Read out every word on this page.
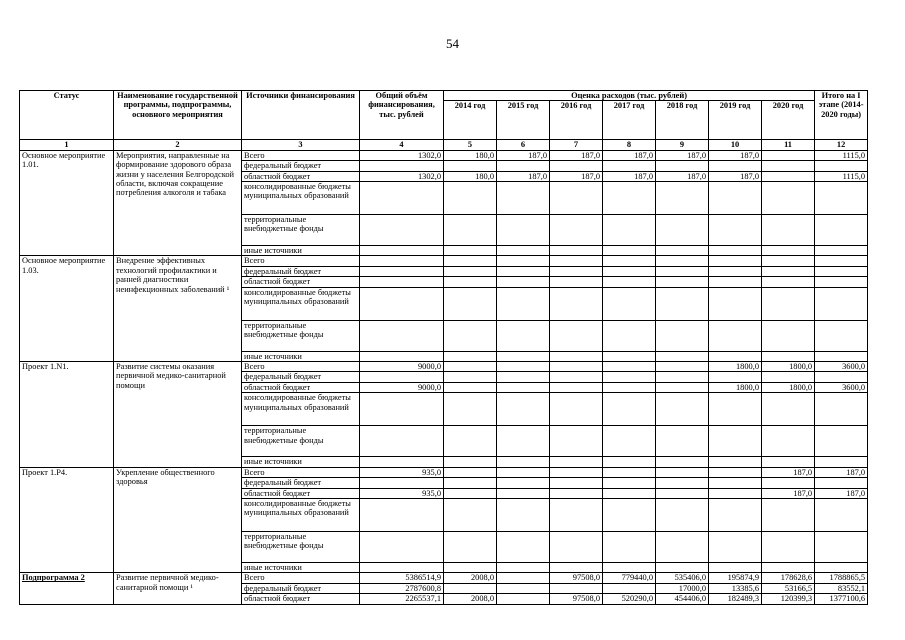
54
Статус	Наименование государственной программы, подпрограммы, основного мероприятия	Источники финансирования	Общий объём финансирования, тыс. рублей	Оценка расходов (тыс. рублей)							Итого на I этапе (2014-2020 годы)
				2014 год	2015 год	2016 год	2017 год	2018 год	2019 год	2020 год	
1	2	3	4	5	6	7	8	9	10	11	12
Основное мероприятие 1.01.	Мероприятия, направленные на формирование здорового образа жизни у населения Белгородской области, включая сокращение потребления алкоголя и табака	Всего	1302,0	180,0	187,0	187,0	187,0	187,0	187,0		1115,0
		федеральный бюджет									
		областной бюджет	1302,0	180,0	187,0	187,0	187,0	187,0	187,0		1115,0
		консолидированные бюджеты муниципальных образований									
		территориальные внебюджетные фонды									
		иные источники									
Основное мероприятие 1.03.	Внедрение эффективных технологий профилактики и ранней диагностики неинфекционных заболеваний ¹	Всего									
		федеральный бюджет									
		областной бюджет									
		консолидированные бюджеты муниципальных образований									
		территориальные внебюджетные фонды									
		иные источники									
Проект 1.N1.	Развитие системы оказания первичной медико-санитарной помощи	Всего	9000,0						1800,0	1800,0	3600,0
		федеральный бюджет									
		областной бюджет	9000,0						1800,0	1800,0	3600,0
		консолидированные бюджеты муниципальных образований									
		территориальные внебюджетные фонды									
		иные источники									
Проект 1.P4.	Укрепление общественного здоровья	Всего	935,0							187,0	187,0
		федеральный бюджет									
		областной бюджет	935,0							187,0	187,0
		консолидированные бюджеты муниципальных образований									
		территориальные внебюджетные фонды									
		иные источники									
Подпрограмма 2	Развитие первичной медико-санитарной помощи ¹	Всего	5386514,9	2008,0		97508,0	779440,0	535406,0	195874,9	178628,6	1788865,5
		федеральный бюджет	2787600,8					17000,0	13385,6	53166,5	83552,1
		областной бюджет	2265537,1	2008,0		97508,0	520290,0	454406,0	182489,3	120399,3	1377100,6
